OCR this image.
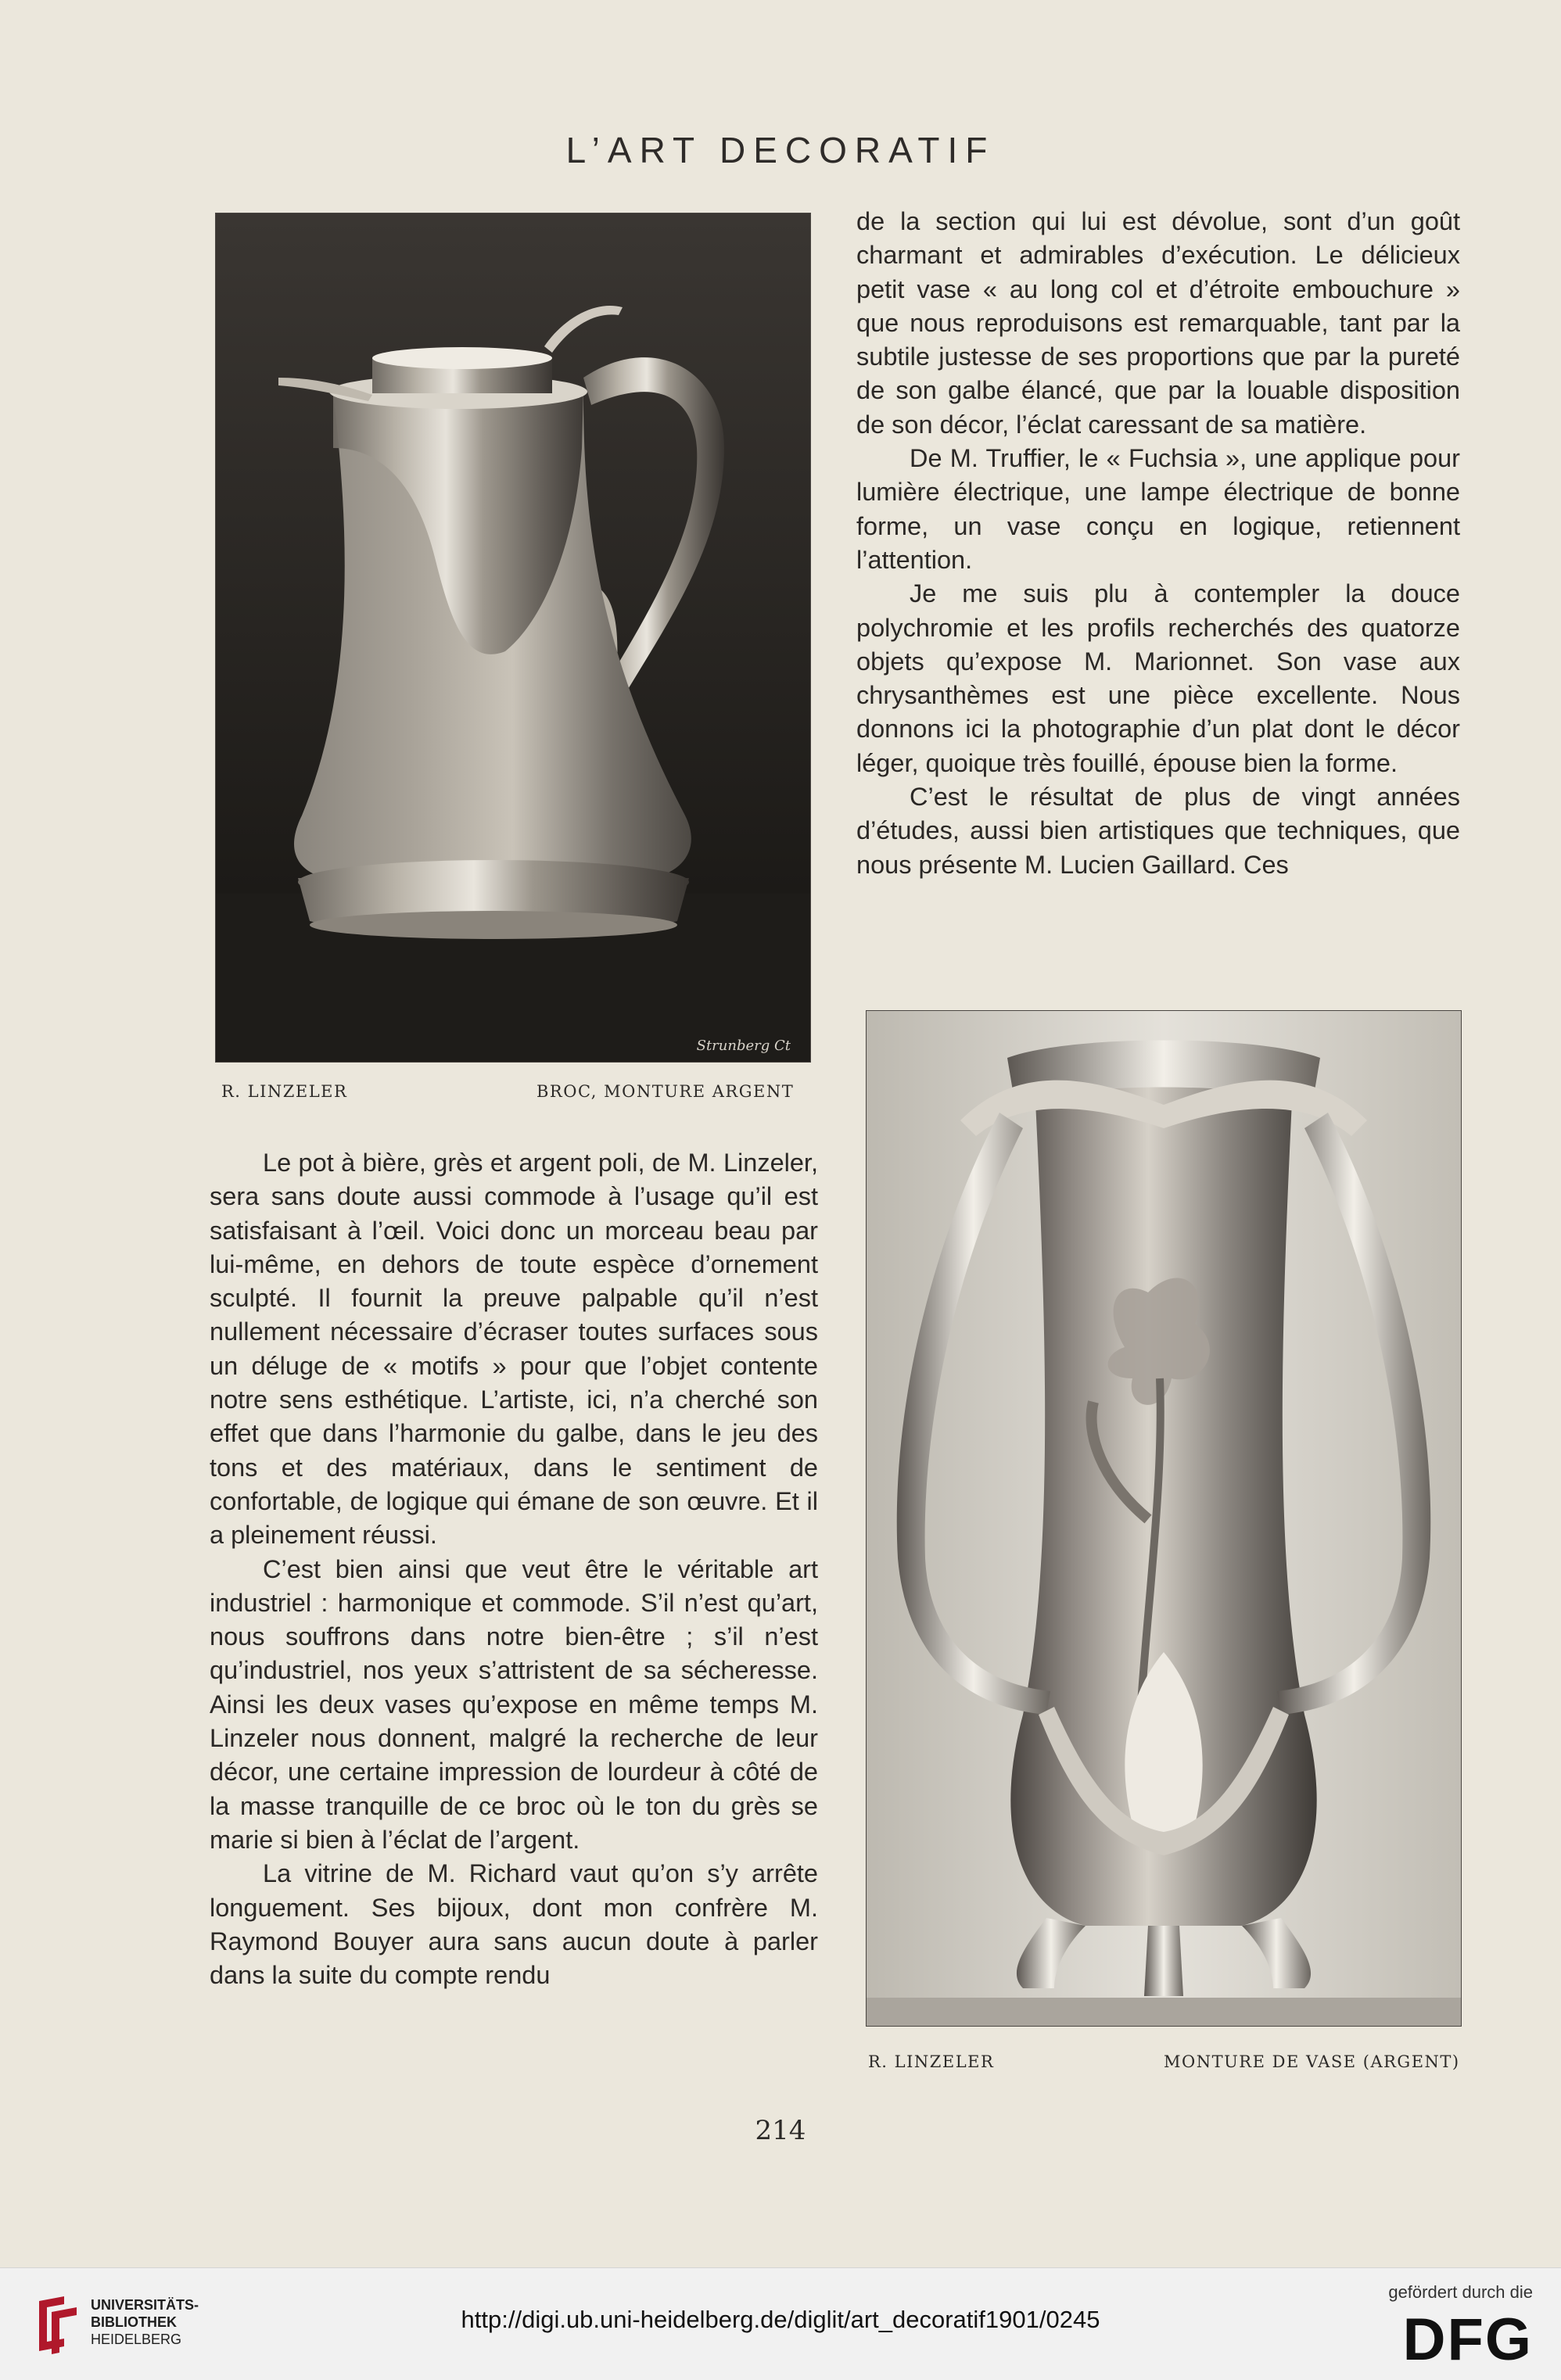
L’ART DECORATIF
Strunberg Ct
R. LINZELER	BROC, MONTURE ARGENT

de la section qui lui est dévolue, sont d’un goût charmant et admirables d’exécution. Le délicieux petit vase « au long col et d’étroite embouchure » que nous reproduisons est remarquable, tant par la subtile justesse de ses proportions que par la pureté de son galbe élancé, que par la louable disposition de son décor, l’éclat caressant de sa matière.

De M. Truffier, le « Fuchsia », une applique pour lumière électrique, une lampe électrique de bonne forme, un vase conçu en logique, retiennent l’attention.

Je me suis plu à contempler la douce polychromie et les profils recherchés des quatorze objets qu’expose M. Marionnet. Son vase aux chrysanthèmes est une pièce excellente. Nous donnons ici la photographie d’un plat dont le décor léger, quoique très fouillé, épouse bien la forme.

C’est le résultat de plus de vingt années d’études, aussi bien artistiques que techniques, que nous présente M. Lucien Gaillard. Ces

R. LINZELER	MONTURE DE VASE (ARGENT)

Le pot à bière, grès et argent poli, de M. Linzeler, sera sans doute aussi commode à l’usage qu’il est satisfaisant à l’œil. Voici donc un morceau beau par lui-même, en dehors de toute espèce d’ornement sculpté. Il fournit la preuve palpable qu’il n’est nullement nécessaire d’écraser toutes surfaces sous un déluge de « motifs » pour que l’objet contente notre sens esthétique. L’artiste, ici, n’a cherché son effet que dans l’harmonie du galbe, dans le jeu des tons et des matériaux, dans le sentiment de confortable, de logique qui émane de son œuvre. Et il a pleinement réussi.

C’est bien ainsi que veut être le véritable art industriel : harmonique et commode. S’il n’est qu’art, nous souffrons dans notre bien-être ; s’il n’est qu’industriel, nos yeux s’attristent de sa sécheresse. Ainsi les deux vases qu’expose en même temps M. Linzeler nous donnent, malgré la recherche de leur décor, une certaine impression de lourdeur à côté de la masse tranquille de ce broc où le ton du grès se marie si bien à l’éclat de l’argent.

La vitrine de M. Richard vaut qu’on s’y arrête longuement. Ses bijoux, dont mon confrère M. Raymond Bouyer aura sans aucun doute à parler dans la suite du compte rendu

214
UNIVERSITÄTS-
BIBLIOTHEK
HEIDELBERG
http://digi.ub.uni-heidelberg.de/diglit/art_decoratif1901/0245
gefördert durch die
DFG
